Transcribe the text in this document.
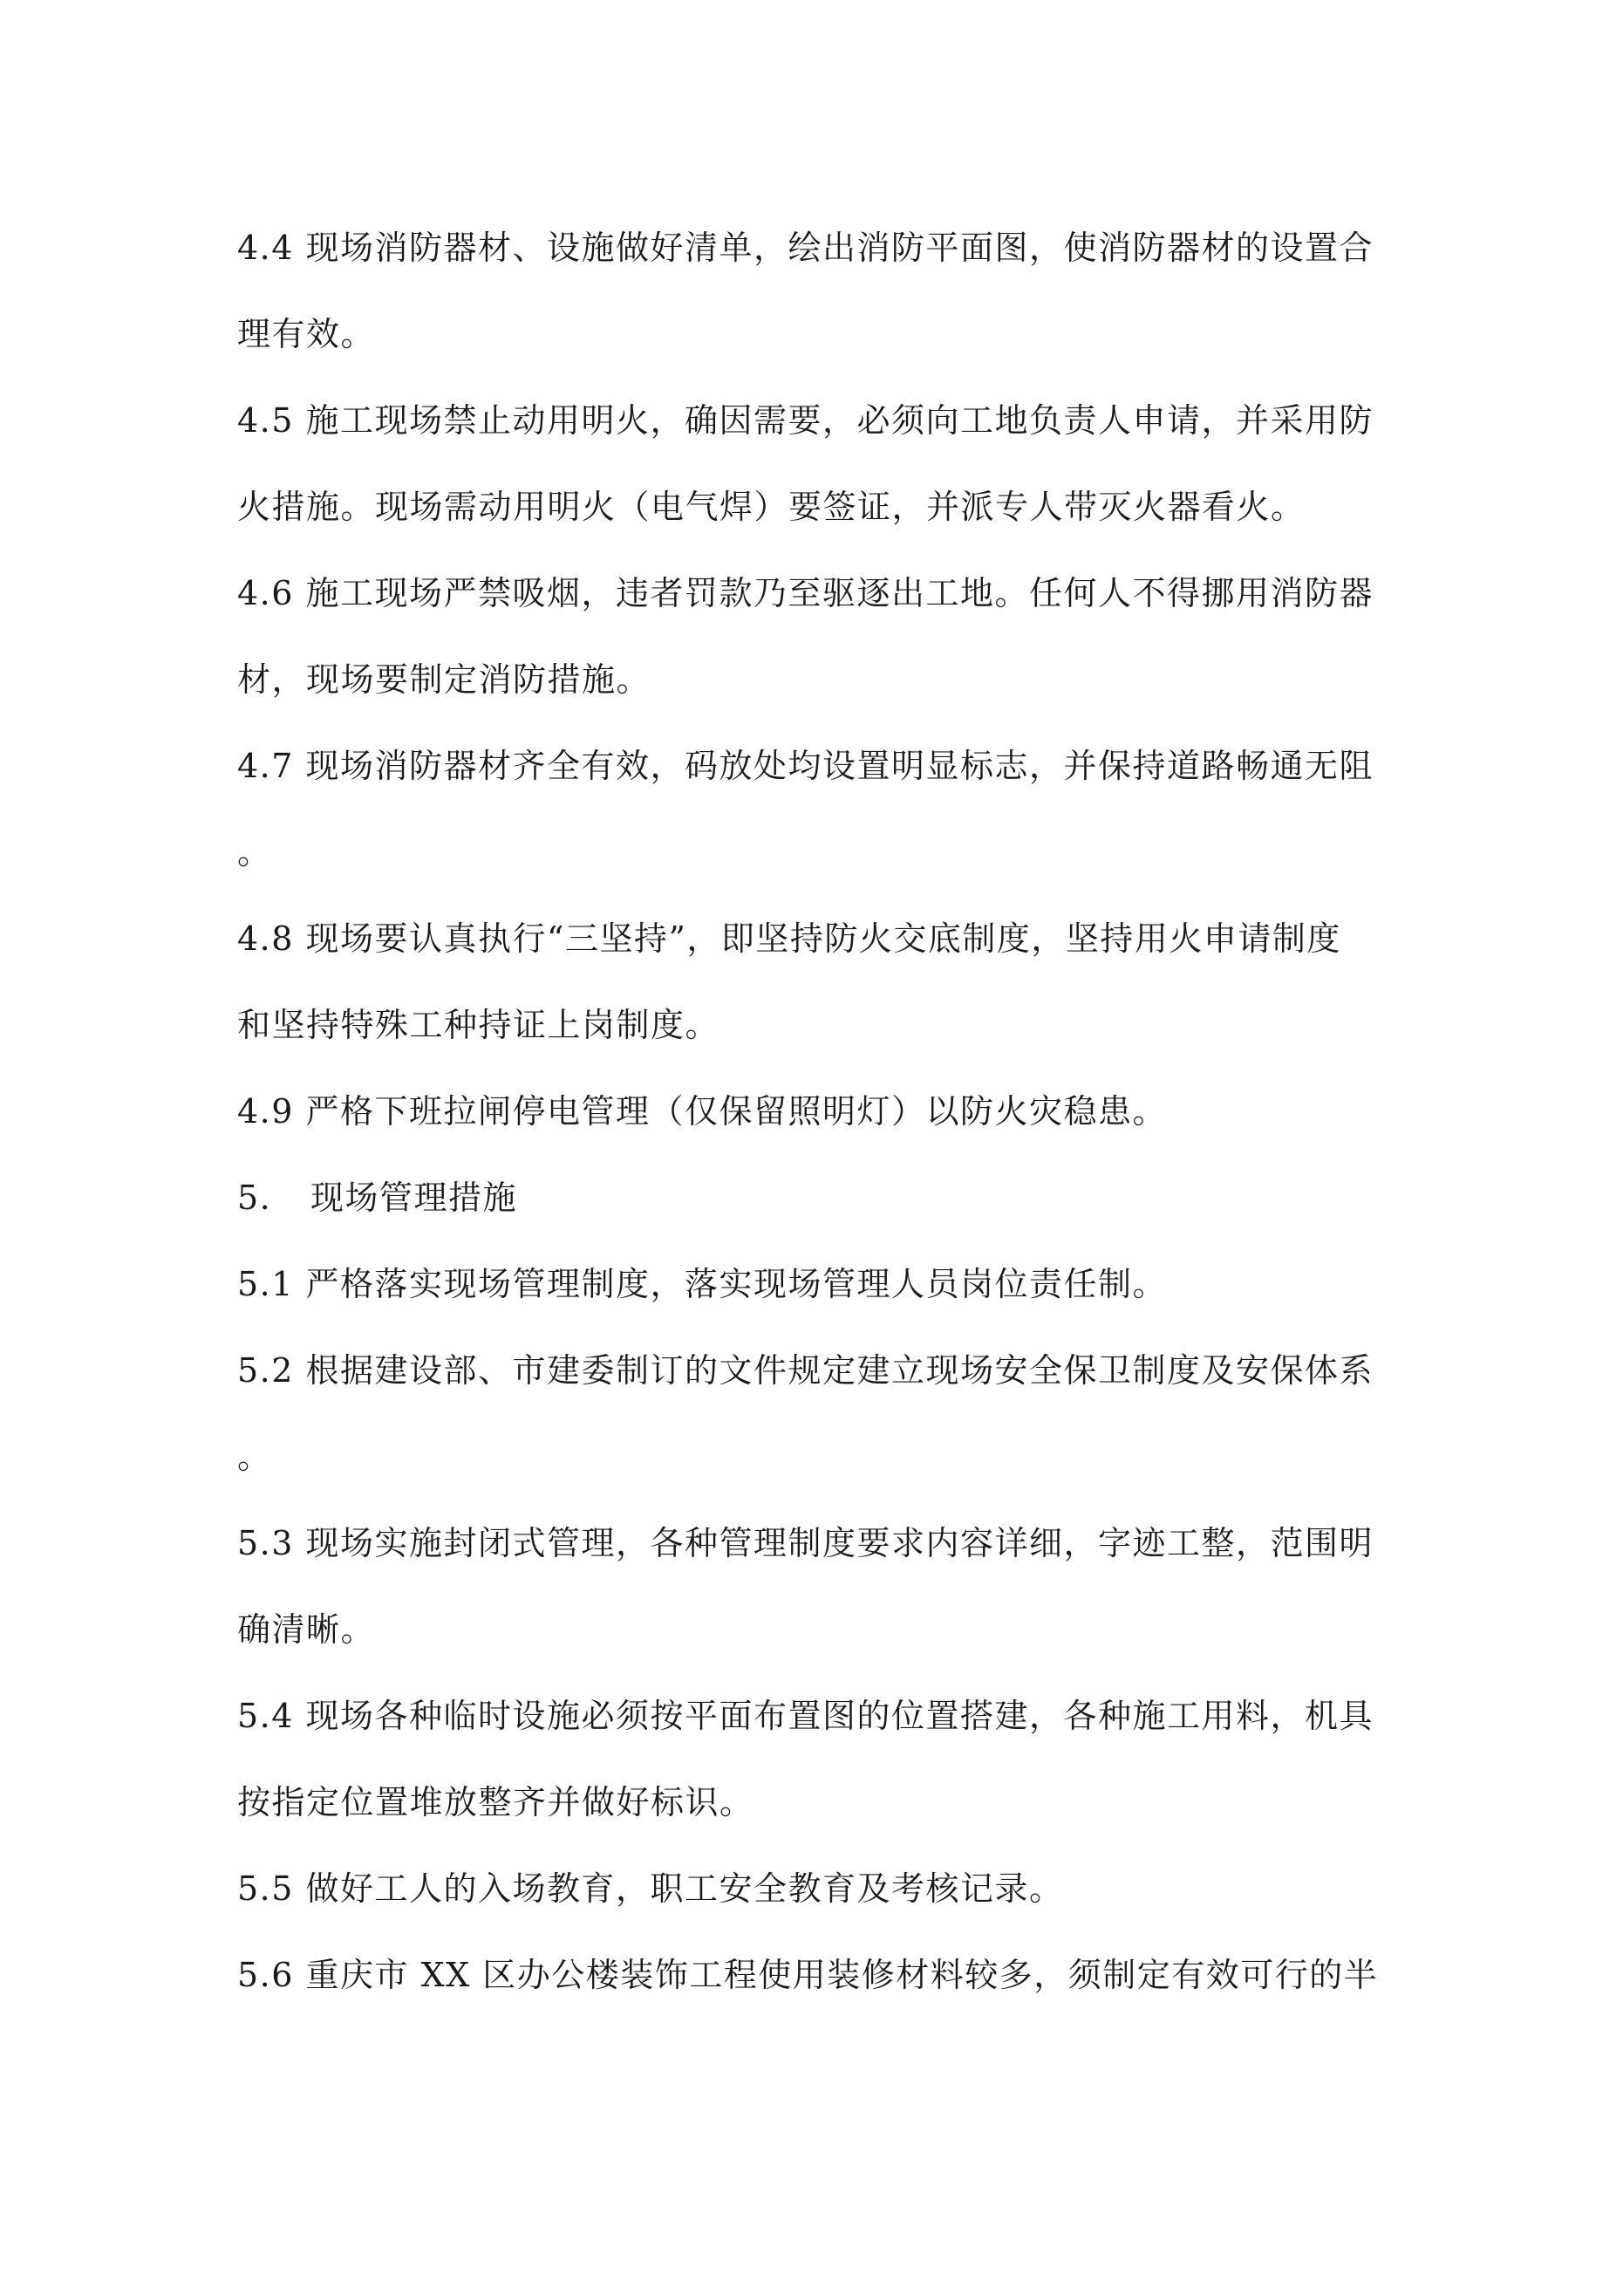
4.4 现场消防器材、设施做好清单，绘出消防平面图，使消防器材的设置合
理有效。
4.5 施工现场禁止动用明火，确因需要，必须向工地负责人申请，并采用防
火措施。现场需动用明火（电气焊）要签证，并派专人带灭火器看火。
4.6 施工现场严禁吸烟，违者罚款乃至驱逐出工地。任何人不得挪用消防器
材，现场要制定消防措施。
4.7 现场消防器材齐全有效，码放处均设置明显标志，并保持道路畅通无阻
。
4.8 现场要认真执行“三坚持”，即坚持防火交底制度，坚持用火申请制度
和坚持特殊工种持证上岗制度。
4.9 严格下班拉闸停电管理（仅保留照明灯）以防火灾稳患。
5. 现场管理措施
5.1 严格落实现场管理制度，落实现场管理人员岗位责任制。
5.2 根据建设部、市建委制订的文件规定建立现场安全保卫制度及安保体系
。
5.3 现场实施封闭式管理，各种管理制度要求内容详细，字迹工整，范围明
确清晰。
5.4 现场各种临时设施必须按平面布置图的位置搭建，各种施工用料，机具
按指定位置堆放整齐并做好标识。
5.5 做好工人的入场教育，职工安全教育及考核记录。
5.6 重庆市 XX 区办公楼装饰工程使用装修材料较多，须制定有效可行的半
